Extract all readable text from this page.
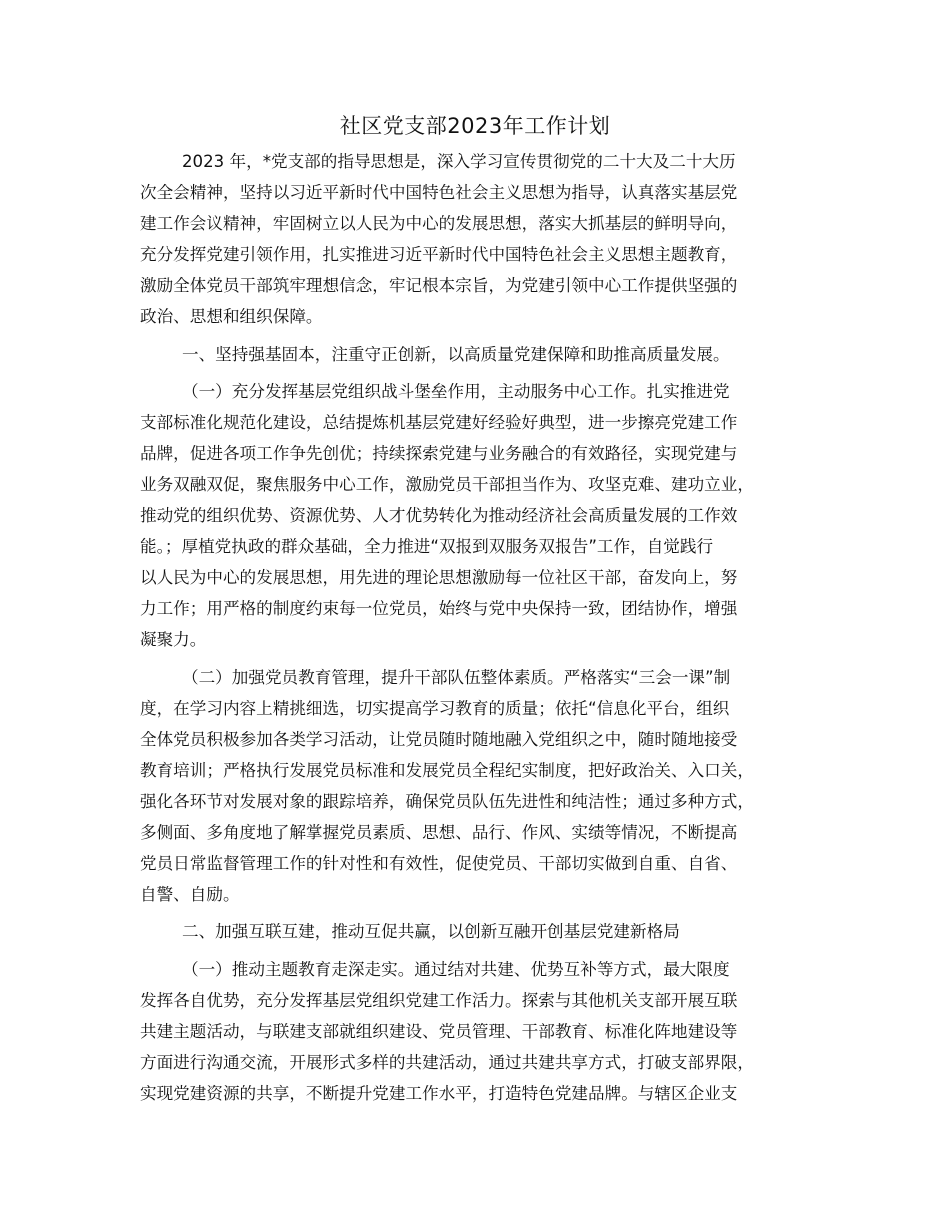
社区党支部2023年工作计划
2023 年，*党支部的指导思想是，深入学习宣传贯彻党的二十大及二十大历
次全会精神，坚持以习近平新时代中国特色社会主义思想为指导，认真落实基层党
建工作会议精神，牢固树立以人民为中心的发展思想，落实大抓基层的鲜明导向，
充分发挥党建引领作用，扎实推进习近平新时代中国特色社会主义思想主题教育，
激励全体党员干部筑牢理想信念，牢记根本宗旨，为党建引领中心工作提供坚强的
政治、思想和组织保障。
一、坚持强基固本，注重守正创新，以高质量党建保障和助推高质量发展。
（一）充分发挥基层党组织战斗堡垒作用，主动服务中心工作。扎实推进党
支部标准化规范化建设，总结提炼机基层党建好经验好典型，进一步擦亮党建工作
品牌，促进各项工作争先创优；持续探索党建与业务融合的有效路径，实现党建与
业务双融双促，聚焦服务中心工作，激励党员干部担当作为、攻坚克难、建功立业，
推动党的组织优势、资源优势、人才优势转化为推动经济社会高质量发展的工作效
能。；厚植党执政的群众基础，全力推进“双报到双服务双报告”工作，自觉践行
以人民为中心的发展思想，用先进的理论思想激励每一位社区干部，奋发向上，努
力工作；用严格的制度约束每一位党员，始终与党中央保持一致，团结协作，增强
凝聚力。
（二）加强党员教育管理，提升干部队伍整体素质。严格落实“三会一课”制
度，在学习内容上精挑细选，切实提高学习教育的质量；依托“信息化平台，组织
全体党员积极参加各类学习活动，让党员随时随地融入党组织之中，随时随地接受
教育培训；严格执行发展党员标准和发展党员全程纪实制度，把好政治关、入口关，
强化各环节对发展对象的跟踪培养，确保党员队伍先进性和纯洁性；通过多种方式，
多侧面、多角度地了解掌握党员素质、思想、品行、作风、实绩等情况，不断提高
党员日常监督管理工作的针对性和有效性，促使党员、干部切实做到自重、自省、
自警、自励。
二、加强互联互建，推动互促共赢，以创新互融开创基层党建新格局
（一）推动主题教育走深走实。通过结对共建、优势互补等方式，最大限度
发挥各自优势，充分发挥基层党组织党建工作活力。探索与其他机关支部开展互联
共建主题活动，与联建支部就组织建设、党员管理、干部教育、标准化阵地建设等
方面进行沟通交流，开展形式多样的共建活动，通过共建共享方式，打破支部界限，
实现党建资源的共享，不断提升党建工作水平，打造特色党建品牌。与辖区企业支
